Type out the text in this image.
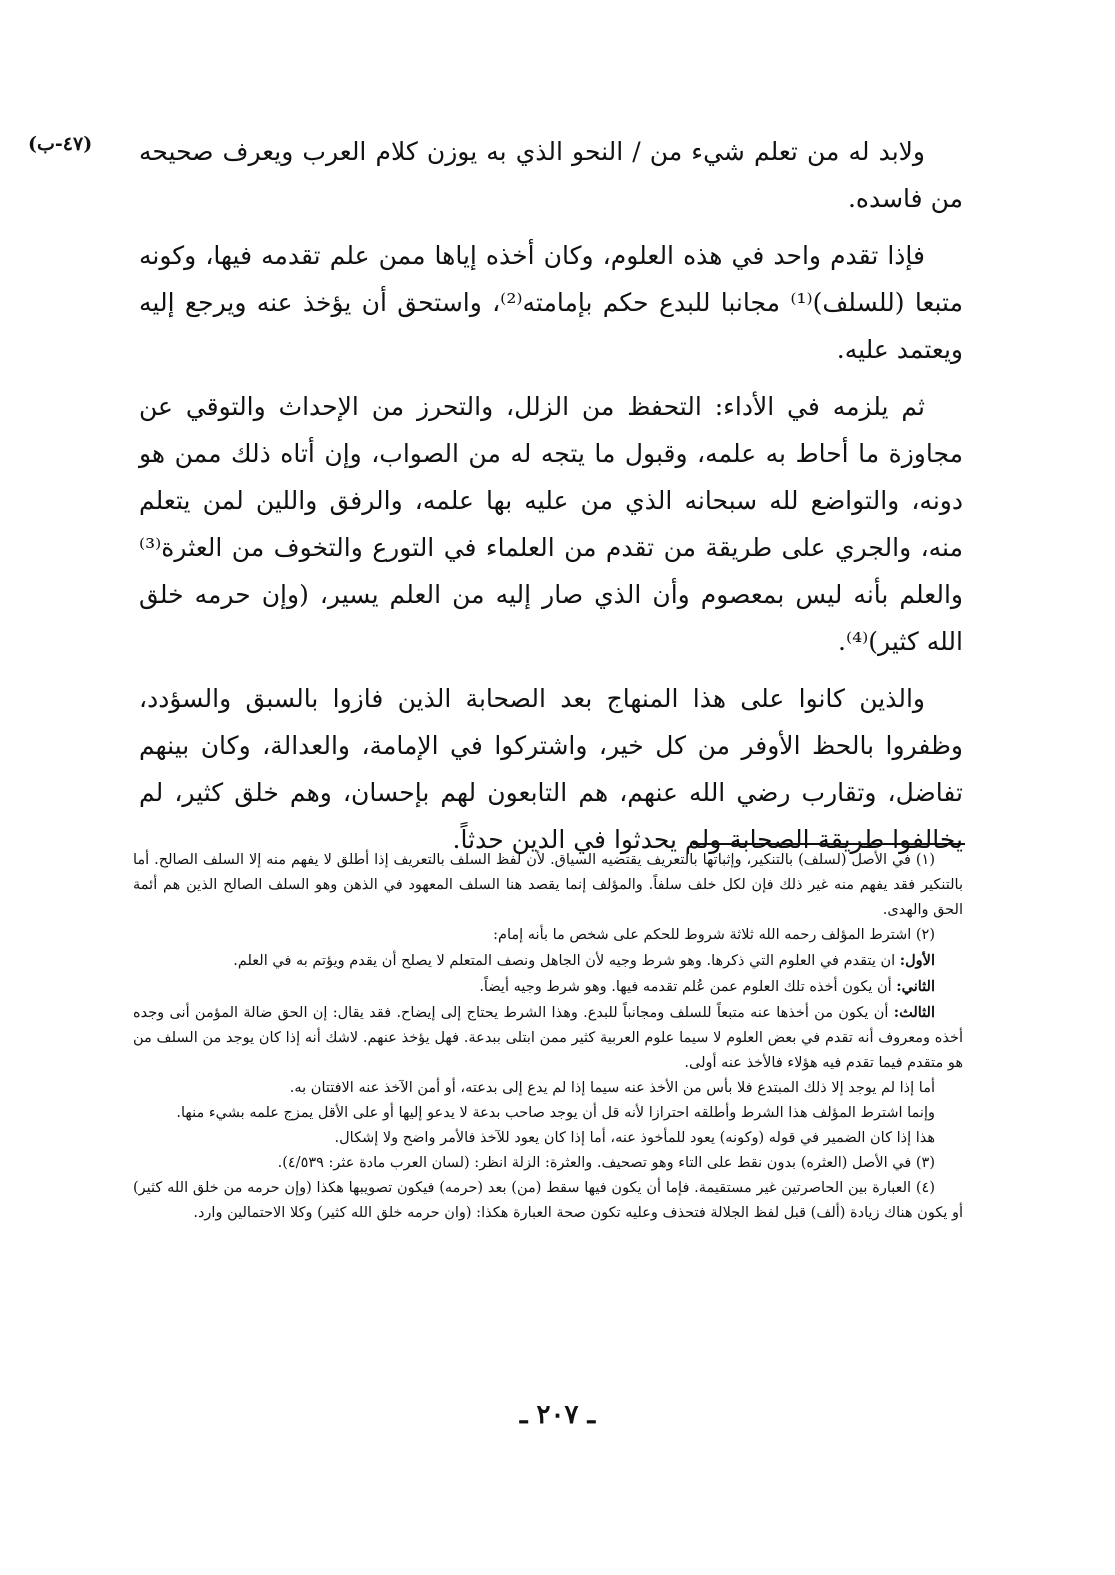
(٤٧-ب) ولابد له من تعلم شيء من / النحو الذي به يوزن كلام العرب ويعرف صحيحه من فاسده.

فإذا تقدم واحد في هذه العلوم، وكان أخذه إياها ممن علم تقدمه فيها، وكونه متبعا (للسلف)⁽¹⁾ مجانبا للبدع حكم بإمامته⁽²⁾، واستحق أن يؤخذ عنه ويرجع إليه ويعتمد عليه.

ثم يلزمه في الأداء: التحفظ من الزلل، والتحرز من الإحداث والتوقي عن مجاوزة ما أحاط به علمه، وقبول ما يتجه له من الصواب، وإن أتاه ذلك ممن هو دونه، والتواضع لله سبحانه الذي من عليه بها علمه، والرفق واللين لمن يتعلم منه، والجري على طريقة من تقدم من العلماء في التورع والتخوف من العثرة⁽³⁾ والعلم بأنه ليس بمعصوم وأن الذي صار إليه من العلم يسير، (وإن حرمه خلق الله كثير)⁽⁴⁾.

والذين كانوا على هذا المنهاج بعد الصحابة الذين فازوا بالسبق والسؤدد، وظفروا بالحظ الأوفر من كل خير، واشتركوا في الإمامة، والعدالة، وكان بينهم تفاضل، وتقارب رضي الله عنهم، هم التابعون لهم بإحسان، وهم خلق كثير، لم يخالفوا طريقة الصحابة ولم يحدثوا في الدين حدثاً.

(١) في الأصل (لسلف) بالتنكير، وإثباتها بالتعريف يقتضيه السياق. لأن لفظ السلف بالتعريف إذا أطلق لا يفهم منه إلا السلف الصالح. أما بالتنكير فقد يفهم منه غير ذلك فإن لكل خلف سلفاً. والمؤلف إنما يقصد هنا السلف المعهود في الذهن وهو السلف الصالح الذين هم أئمة الحق والهدى.

(٢) اشترط المؤلف رحمه الله ثلاثة شروط للحكم على شخص ما بأنه إمام:

الأول: ان يتقدم في العلوم التي ذكرها. وهو شرط وجيه لأن الجاهل ونصف المتعلم لا يصلح أن يقدم ويؤتم به في العلم.

الثاني: أن يكون أخذه تلك العلوم عمن عُلم تقدمه فيها. وهو شرط وجيه أيضاً.

الثالث: أن يكون من أخذها عنه متبعاً للسلف ومجانباً للبدع. وهذا الشرط يحتاج إلى إيضاح. فقد يقال: إن الحق ضالة المؤمن أنى وجده أخذه ومعروف أنه تقدم في بعض العلوم لا سيما علوم العربية كثير ممن ابتلى ببدعة. فهل يؤخذ عنهم. لاشك أنه إذا كان يوجد من السلف من هو متقدم فيما تقدم فيه هؤلاء فالأخذ عنه أولى.

أما إذا لم يوجد إلا ذلك المبتدع فلا بأس من الأخذ عنه سيما إذا لم يدع إلى بدعته، أو أمن الآخذ عنه الافتتان به.

وإنما اشترط المؤلف هذا الشرط وأطلقه احترازا لأنه قل أن يوجد صاحب بدعة لا يدعو إليها أو على الأقل يمزج علمه بشيء منها.

هذا إذا كان الضمير في قوله (وكونه) يعود للمأخوذ عنه، أما إذا كان يعود للآخذ فالأمر واضح ولا إشكال.

(٣) في الأصل (العثره) بدون نقط على التاء وهو تصحيف. والعثرة: الزلة انظر: (لسان العرب مادة عثر: ٤/٥٣٩).

(٤) العبارة بين الحاصرتين غير مستقيمة. فإما أن يكون فيها سقط (من) بعد (حرمه) فيكون تصويبها هكذا (وإن حرمه من خلق الله كثير) أو يكون هناك زيادة (ألف) قبل لفظ الجلالة فتحذف وعليه تكون صحة العبارة هكذا: (وان حرمه خلق الله كثير) وكلا الاحتمالين وارد.

ـ ٢٠٧ ـ
